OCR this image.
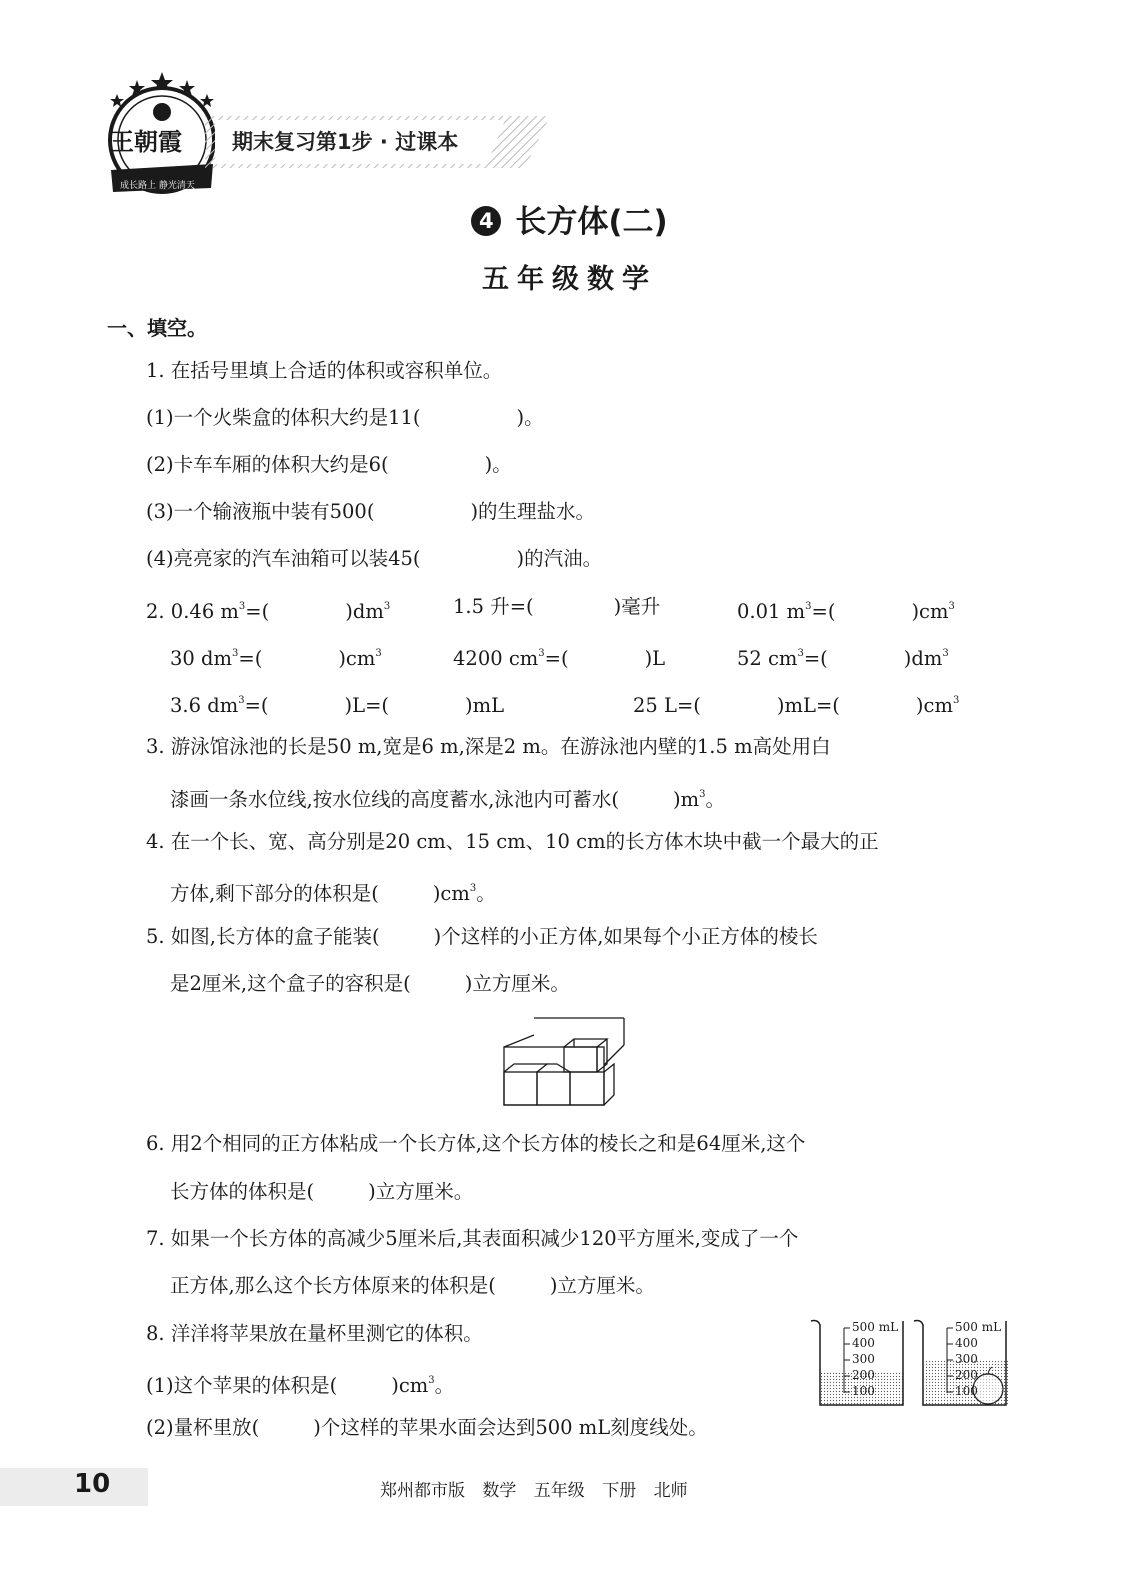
王朝霞
成长路上 静光清天
期末复习第1步 · 过课本
4 长方体(二)
五年级数学
一、填空。
1. 在括号里填上合适的体积或容积单位。
(1)一个火柴盒的体积大约是11(	)。
(2)卡车车厢的体积大约是6(	)。
(3)一个输液瓶中装有500(	)的生理盐水。
(4)亮亮家的汽车油箱可以装45(	)的汽油。
2. 0.46 $m^3=$(	)$dm^3$	1.5 升=(	)毫升	0.01 $m^3=$(	)$cm^3$
30 $dm^3=$(	)$cm^3$	4200 $cm^3=$(	)L	52 $cm^3=$(	)$dm^3$
3.6 $dm^3=$(	)L=(	)mL	25 L=(	)mL=(	)$cm^3$
3. 游泳馆泳池的长是50 m,宽是6 m,深是2 m。在游泳池内壁的1.5 m高处用白
漆画一条水位线,按水位线的高度蓄水,泳池内可蓄水(	)$m^3$。
4. 在一个长、宽、高分别是20 cm、15 cm、10 cm的长方体木块中截一个最大的正
方体,剩下部分的体积是(	)$cm^3$。
5. 如图,长方体的盒子能装(	)个这样的小正方体,如果每个小正方体的棱长
是2厘米,这个盒子的容积是(	)立方厘米。
6. 用2个相同的正方体粘成一个长方体,这个长方体的棱长之和是64厘米,这个
长方体的体积是(	)立方厘米。
7. 如果一个长方体的高减少5厘米后,其表面积减少120平方厘米,变成了一个
正方体,那么这个长方体原来的体积是(	)立方厘米。
8. 洋洋将苹果放在量杯里测它的体积。
(1)这个苹果的体积是(	)$cm^3$。
(2)量杯里放(	)个这样的苹果水面会达到500 mL刻度线处。
500 mL
400
300
200
100
500 mL
400
300
200
100
10	郑州都市版 数学 五年级 下册 北师
